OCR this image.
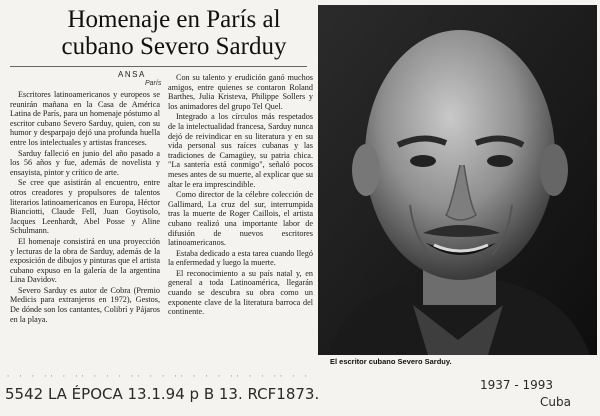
Homenaje en París al
cubano Severo Sarduy
ANSA
París

Escritores latinoamericanos y europeos se reunirán mañana en la Casa de América Latina de París, para un homenaje póstumo al escritor cubano Severo Sarduy, quien, con su humor y desparpajo dejó una profunda huella entre los intelectuales y artistas franceses.

Sarduy falleció en junio del año pasado a los 56 años y fue, además de novelista y ensayista, pintor y crítico de arte.

Se cree que asistirán al encuentro, entre otros creadores y propulsores de talentos literarios latinoamericanos en Europa, Héctor Bianciotti, Claude Fell, Juan Goytisolo, Jacques Leenhardt, Abel Posse y Aline Schulmann.

El homenaje consistirá en una proyección y lecturas de la obra de Sarduy, además de la exposición de dibujos y pinturas que el artista cubano expuso en la galería de la argentina Lina Davidov.

Severo Sarduy es autor de Cobra (Premio Medicis para extranjeros en 1972), Gestos, De dónde son los cantantes, Colibrí y Pájaros en la playa.

Con su talento y erudición ganó muchos amigos, entre quienes se contaron Roland Barthes, Julia Kristeva, Philippe Sollers y los animadores del grupo Tel Quel.

Integrado a los círculos más respetados de la intelectualidad francesa, Sarduy nunca dejó de reivindicar en su literatura y en su vida personal sus raíces cubanas y las tradiciones de Camagüey, su patria chica. "La santería está conmigo", señaló pocos meses antes de su muerte, al explicar que su altar le era imprescindible.

Como director de la célebre colección de Gallimard, La cruz del sur, interrumpida tras la muerte de Roger Caillois, el artista cubano realizó una importante labor de difusión de nuevos escritores latinoamericanos.

Estaba dedicado a esta tarea cuando llegó la enfermedad y luego la muerte.

El reconocimiento a su país natal y, en general a toda Latinoamérica, llegarán cuando se descubra su obra como un exponente clave de la literatura barroca del continente.

El escritor cubano Severo Sarduy.
· · · ·· · ·· · · · ·· · · ·· · · · ·· · · ·· · ·
5542 LA ÉPOCA 13.1.94 p B 13. RCF1873.	1937 - 1993
Cuba
